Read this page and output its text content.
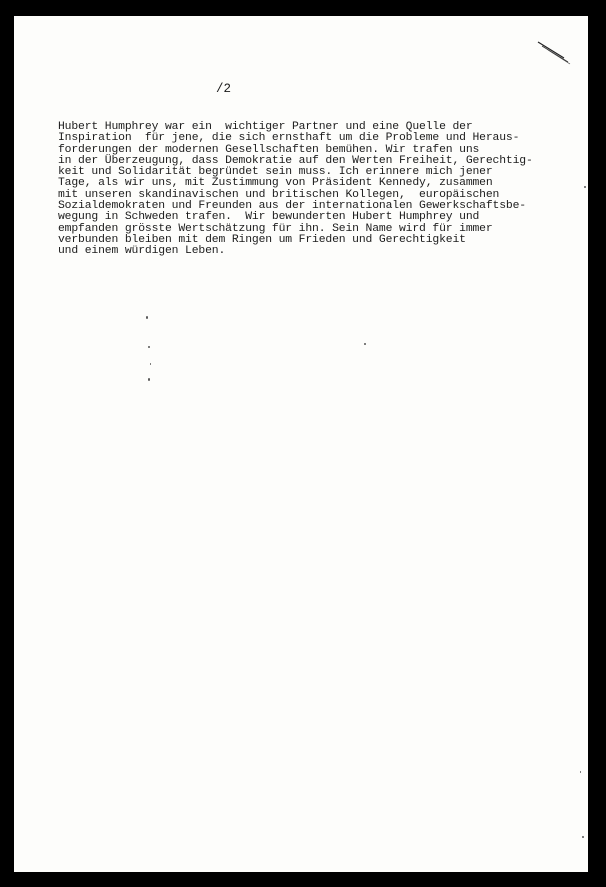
/2
Hubert Humphrey war ein  wichtiger Partner und eine Quelle der
Inspiration  für jene, die sich ernsthaft um die Probleme und Heraus-
forderungen der modernen Gesellschaften bemühen. Wir trafen uns
in der Überzeugung, dass Demokratie auf den Werten Freiheit, Gerechtig-
keit und Solidarität begründet sein muss. Ich erinnere mich jener
Tage, als wir uns, mit Zustimmung von Präsident Kennedy, zusammen
mit unseren skandinavischen und britischen Kollegen,  europäischen
Sozialdemokraten und Freunden aus der internationalen Gewerkschaftsbe-
wegung in Schweden trafen.  Wir bewunderten Hubert Humphrey und
empfanden grösste Wertschätzung für ihn. Sein Name wird für immer
verbunden bleiben mit dem Ringen um Frieden und Gerechtigkeit
und einem würdigen Leben.
